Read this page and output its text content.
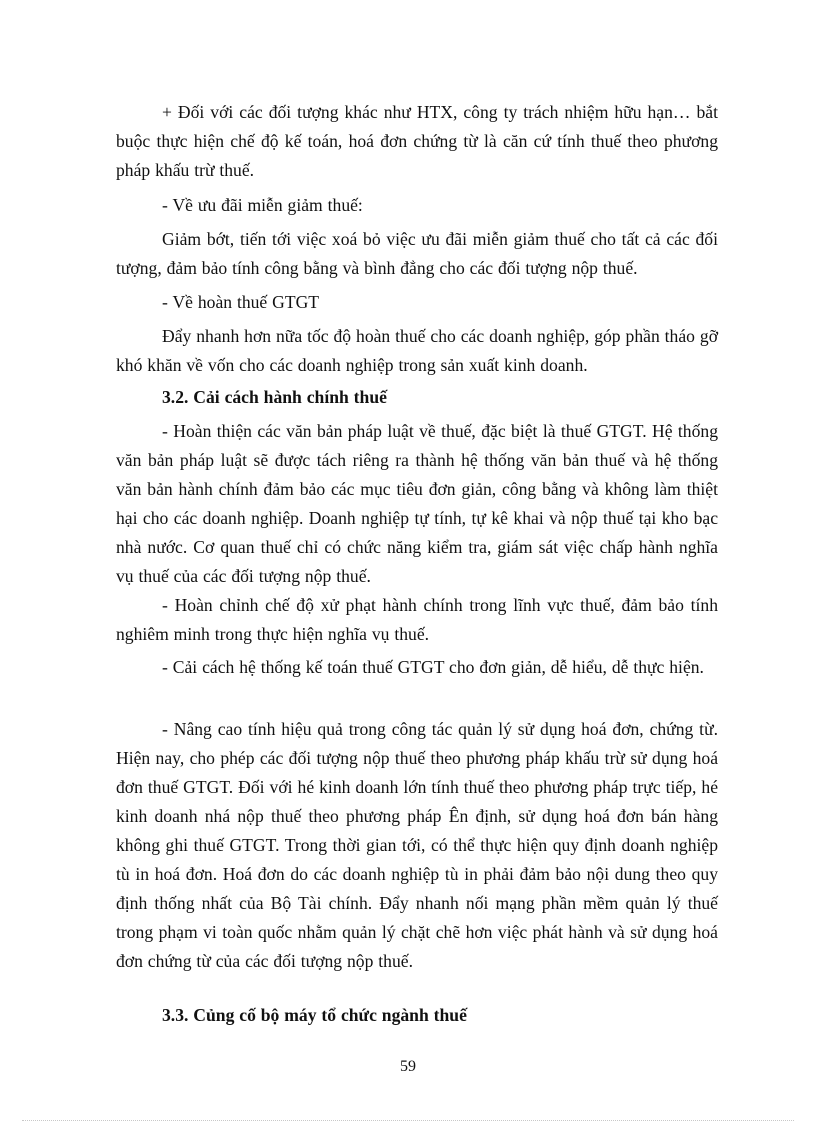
+ Đối với các đối tượng khác như HTX, công ty trách nhiệm hữu hạn… bắt buộc thực hiện chế độ kế toán, hoá đơn chứng từ là căn cứ tính thuế theo phương pháp khấu trừ thuế.

- Về ưu đãi miễn giảm thuế:

Giảm bớt, tiến tới việc xoá bỏ việc ưu đãi miễn giảm thuế cho tất cả các đối tượng, đảm bảo tính công bằng và bình đẳng cho các đối tượng nộp thuế.

- Về hoàn thuế GTGT

Đẩy nhanh hơn nữa tốc độ hoàn thuế cho các doanh nghiệp, góp phần tháo gỡ khó khăn về vốn cho các doanh nghiệp trong sản xuất kinh doanh.

3.2. Cải cách hành chính thuế

- Hoàn thiện các văn bản pháp luật về thuế, đặc biệt là thuế GTGT. Hệ thống văn bản pháp luật sẽ được tách riêng ra thành hệ thống văn bản thuế và hệ thống văn bản hành chính đảm bảo các mục tiêu đơn giản, công bằng và không làm thiệt hại cho các doanh nghiệp. Doanh nghiệp tự tính, tự kê khai và nộp thuế tại kho bạc nhà nước. Cơ quan thuế chỉ có chức năng kiểm tra, giám sát việc chấp hành nghĩa vụ thuế của các đối tượng nộp thuế.

- Hoàn chỉnh chế độ xử phạt hành chính trong lĩnh vực thuế, đảm bảo tính nghiêm minh trong thực hiện nghĩa vụ thuế.

- Cải cách hệ thống kế toán thuế GTGT cho đơn giản, dễ hiểu, dễ thực hiện.

- Nâng cao tính hiệu quả trong công tác quản lý sử dụng hoá đơn, chứng từ. Hiện nay, cho phép các đối tượng nộp thuế theo phương pháp khấu trừ sử dụng hoá đơn thuế GTGT. Đối với hé kinh doanh lớn tính thuế theo phương pháp trực tiếp, hé kinh doanh nhá nộp thuế theo phương pháp Ên định, sử dụng hoá đơn bán hàng không ghi thuế GTGT. Trong thời gian tới, có thể thực hiện quy định doanh nghiệp tù in hoá đơn. Hoá đơn do các doanh nghiệp tù in phải đảm bảo nội dung theo quy định thống nhất của Bộ Tài chính. Đẩy nhanh nối mạng phần mềm quản lý thuế trong phạm vi toàn quốc nhằm quản lý chặt chẽ hơn việc phát hành và sử dụng hoá đơn chứng từ của các đối tượng nộp thuế.

3.3. Củng cố bộ máy tổ chức ngành thuế

59
